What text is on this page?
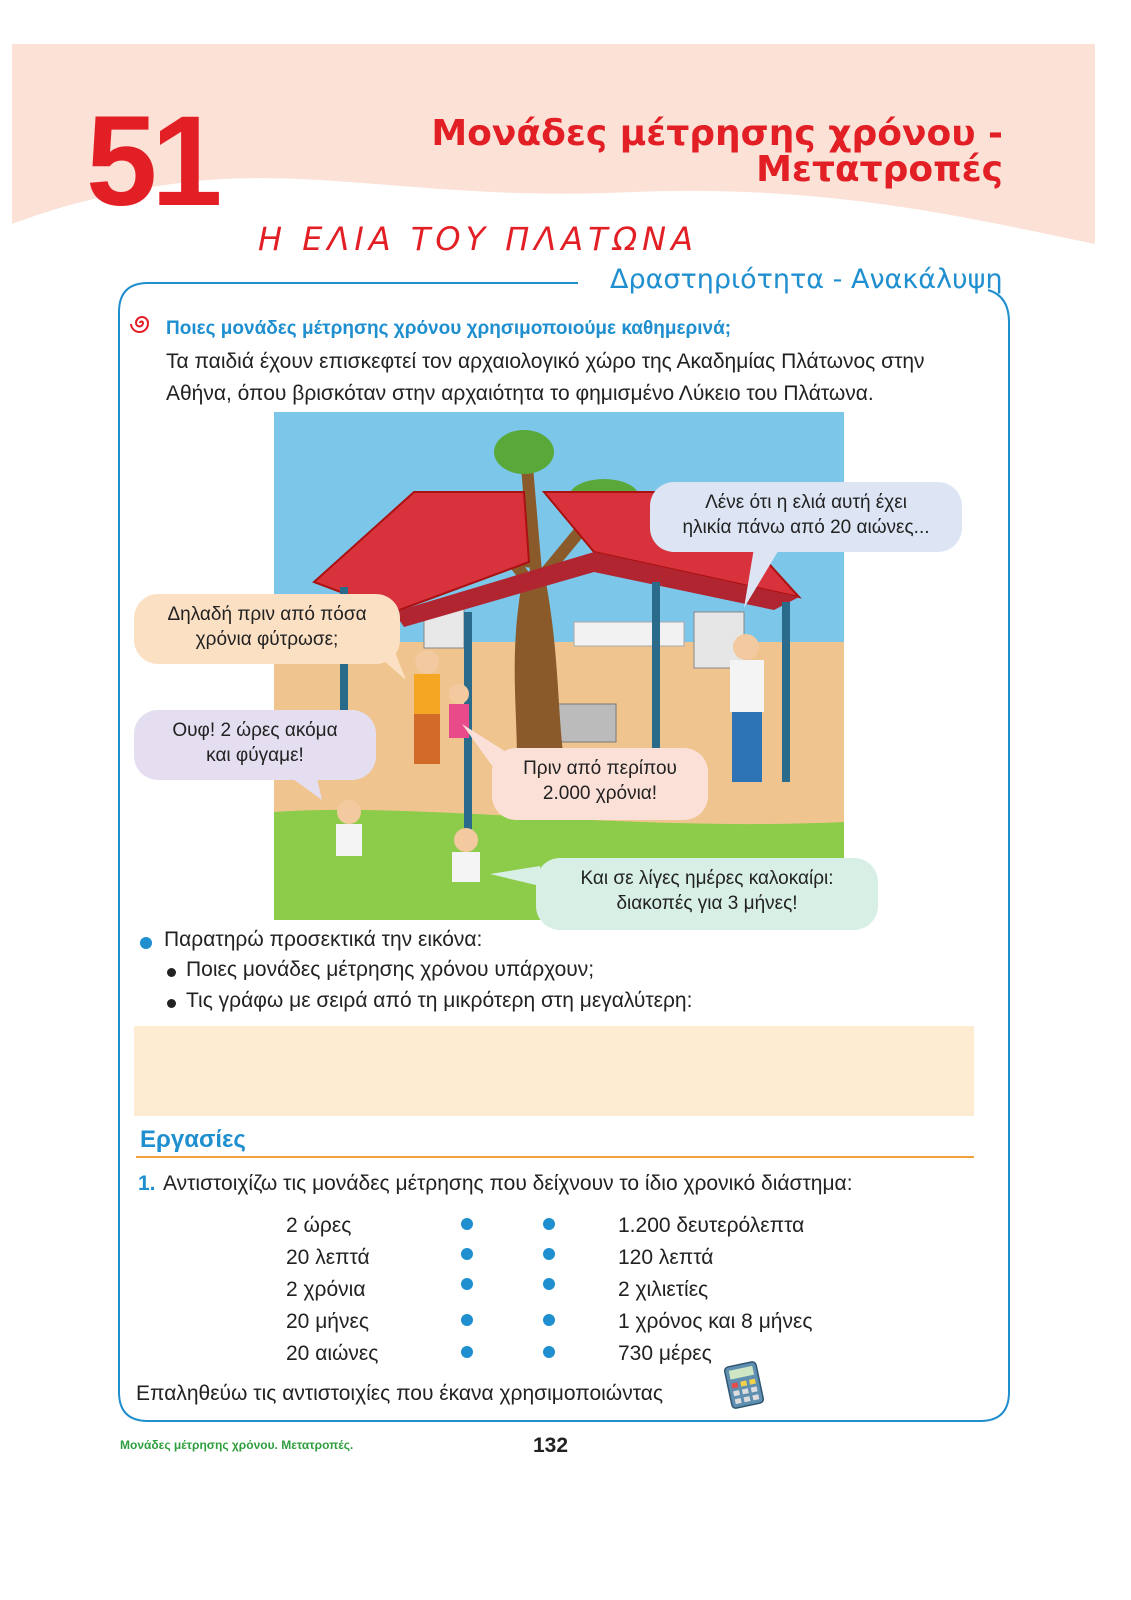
51	Μονάδες μέτρησης χρόνου -
Μετατροπές
Η ΕΛΙΑ ΤΟΥ ΠΛΑΤΩΝΑ
Δραστηριότητα - Ανακάλυψη
Ποιες μονάδες μέτρησης χρόνου χρησιμοποιούμε καθημερινά;
Τα παιδιά έχουν επισκεφτεί τον αρχαιολογικό χώρο της Ακαδημίας Πλάτωνος στην
Αθήνα, όπου βρισκόταν στην αρχαιότητα το φημισμένο Λύκειο του Πλάτωνα.
Λένε ότι η ελιά αυτή έχει
ηλικία πάνω από 20 αιώνες...
Δηλαδή πριν από πόσα
χρόνια φύτρωσε;
Ουφ! 2 ώρες ακόμα
και φύγαμε!
Πριν από περίπου
2.000 χρόνια!
Και σε λίγες ημέρες καλοκαίρι:
διακοπές για 3 μήνες!
Παρατηρώ προσεκτικά την εικόνα:
Ποιες μονάδες μέτρησης χρόνου υπάρχουν;
Τις γράφω με σειρά από τη μικρότερη στη μεγαλύτερη:
Εργασίες
1. Αντιστοιχίζω τις μονάδες μέτρησης που δείχνουν το ίδιο χρονικό διάστημα:
2 ώρες
20 λεπτά
2 χρόνια
20 μήνες
20 αιώνες
1.200 δευτερόλεπτα
120 λεπτά
2 χιλιετίες
1 χρόνος και 8 μήνες
730 μέρες
Επαληθεύω τις αντιστοιχίες που έκανα χρησιμοποιώντας
Μονάδες μέτρησης χρόνου. Μετατροπές.	132
